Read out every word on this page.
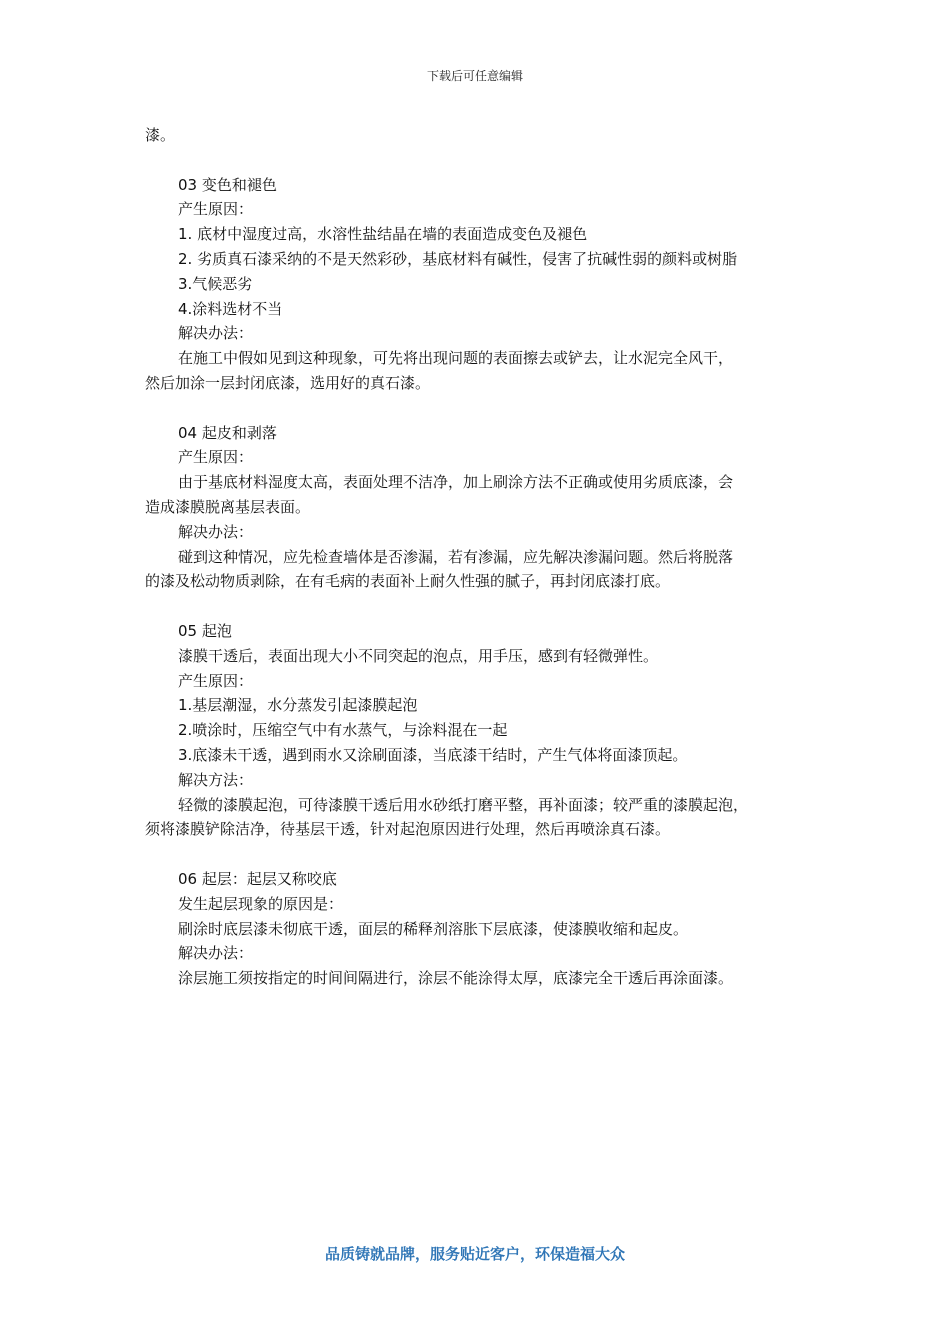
下载后可任意编辑

漆。

03 变色和褪色

产生原因：

1. 底材中湿度过高，水溶性盐结晶在墙的表面造成变色及褪色

2. 劣质真石漆采纳的不是天然彩砂，基底材料有碱性，侵害了抗碱性弱的颜料或树脂

3.气候恶劣

4.涂料选材不当

解决办法：

在施工中假如见到这种现象，可先将出现问题的表面擦去或铲去，让水泥完全风干，

然后加涂一层封闭底漆，选用好的真石漆。

04 起皮和剥落

产生原因：

由于基底材料湿度太高，表面处理不洁净，加上刷涂方法不正确或使用劣质底漆，会

造成漆膜脱离基层表面。

解决办法：

碰到这种情况，应先检查墙体是否渗漏，若有渗漏，应先解决渗漏问题。然后将脱落

的漆及松动物质剥除，在有毛病的表面补上耐久性强的腻子，再封闭底漆打底。

05 起泡

漆膜干透后，表面出现大小不同突起的泡点，用手压，感到有轻微弹性。

产生原因：

1.基层潮湿，水分蒸发引起漆膜起泡

2.喷涂时，压缩空气中有水蒸气，与涂料混在一起

3.底漆未干透，遇到雨水又涂刷面漆，当底漆干结时，产生气体将面漆顶起。

解决方法：

轻微的漆膜起泡，可待漆膜干透后用水砂纸打磨平整，再补面漆；较严重的漆膜起泡，

须将漆膜铲除洁净，待基层干透，针对起泡原因进行处理，然后再喷涂真石漆。

06 起层：起层又称咬底

发生起层现象的原因是：

刷涂时底层漆未彻底干透，面层的稀释剂溶胀下层底漆，使漆膜收缩和起皮。

解决办法：

涂层施工须按指定的时间间隔进行，涂层不能涂得太厚，底漆完全干透后再涂面漆。

品质铸就品牌，服务贴近客户，环保造福大众
